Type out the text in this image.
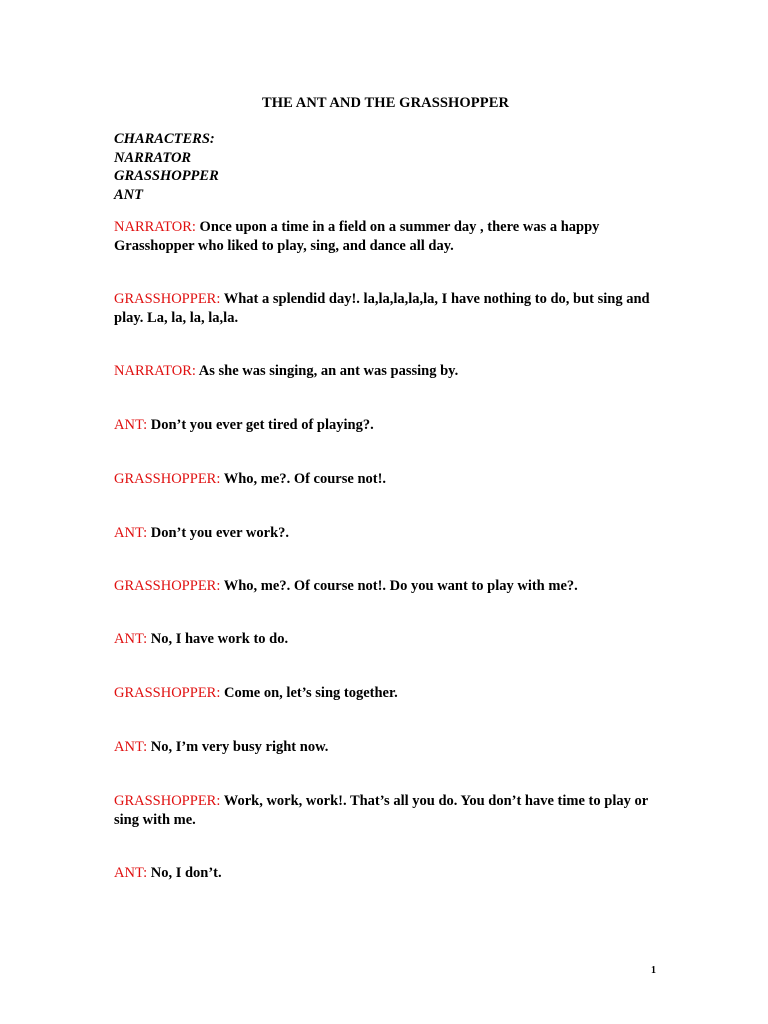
THE ANT AND THE GRASSHOPPER
CHARACTERS:
NARRATOR
GRASSHOPPER
ANT
NARRATOR: Once upon a time in a field on a summer day , there was a happy Grasshopper who liked to play, sing, and dance all day.
GRASSHOPPER: What a splendid day!. la,la,la,la,la, I have nothing to do, but sing and play. La, la, la, la,la.
NARRATOR: As she was singing, an ant was passing by.
ANT: Don’t you ever get tired of playing?.
GRASSHOPPER: Who, me?. Of course not!.
ANT: Don’t you ever work?.
GRASSHOPPER: Who, me?. Of course not!. Do you want to play with me?.
ANT: No, I have work to do.
GRASSHOPPER: Come on, let’s sing together.
ANT: No, I’m very busy right now.
GRASSHOPPER: Work, work, work!. That’s all you do. You don’t have time to play or sing with me.
ANT: No, I don’t.
1
